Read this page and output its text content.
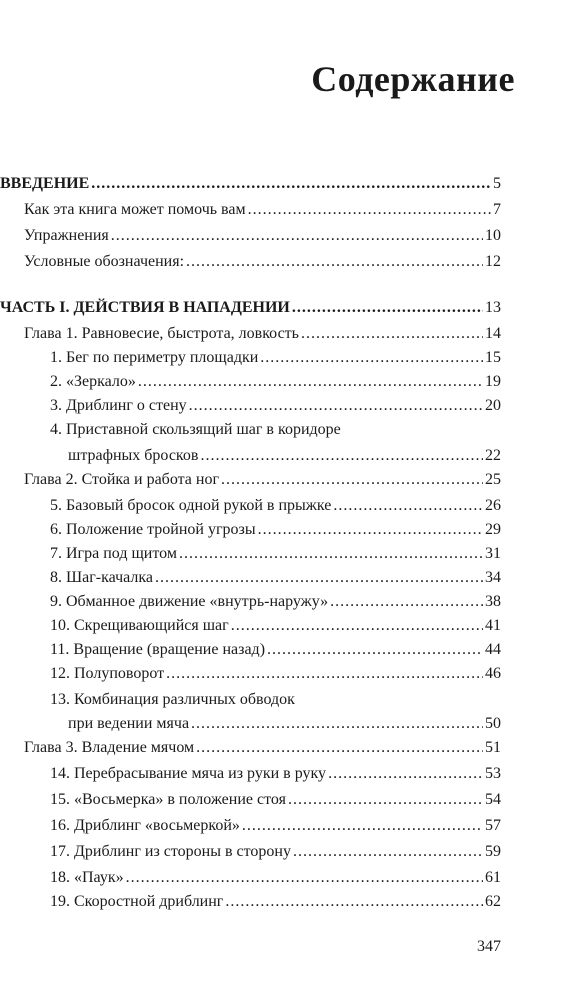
Содержание
ВВЕДЕНИЕ .....	5
Как эта книга может помочь вам .....	7
Упражнения .....	10
Условные обозначения: .....	12
ЧАСТЬ I. ДЕЙСТВИЯ В НАПАДЕНИИ .....	13
Глава 1. Равновесие, быстрота, ловкость .....	14
1. Бег по периметру площадки .....	15
2. «Зеркало» .....	19
3. Дриблинг о стену .....	20
4. Приставной скользящий шаг в коридоре
штрафных бросков .....	22
Глава 2. Стойка и работа ног .....	25
5. Базовый бросок одной рукой в прыжке .....	26
6. Положение тройной угрозы .....	29
7. Игра под щитом .....	31
8. Шаг-качалка .....	34
9. Обманное движение «внутрь-наружу» .....	38
10. Скрещивающийся шаг .....	41
11. Вращение (вращение назад) .....	44
12. Полуповорот .....	46
13. Комбинация различных обводок
при ведении мяча .....	50
Глава 3. Владение мячом .....	51
14. Перебрасывание мяча из руки в руку .....	53
15. «Восьмерка» в положение стоя .....	54
16. Дриблинг «восьмеркой» .....	57
17. Дриблинг из стороны в сторону .....	59
18. «Паук» .....	61
19. Скоростной дриблинг .....	62
347
